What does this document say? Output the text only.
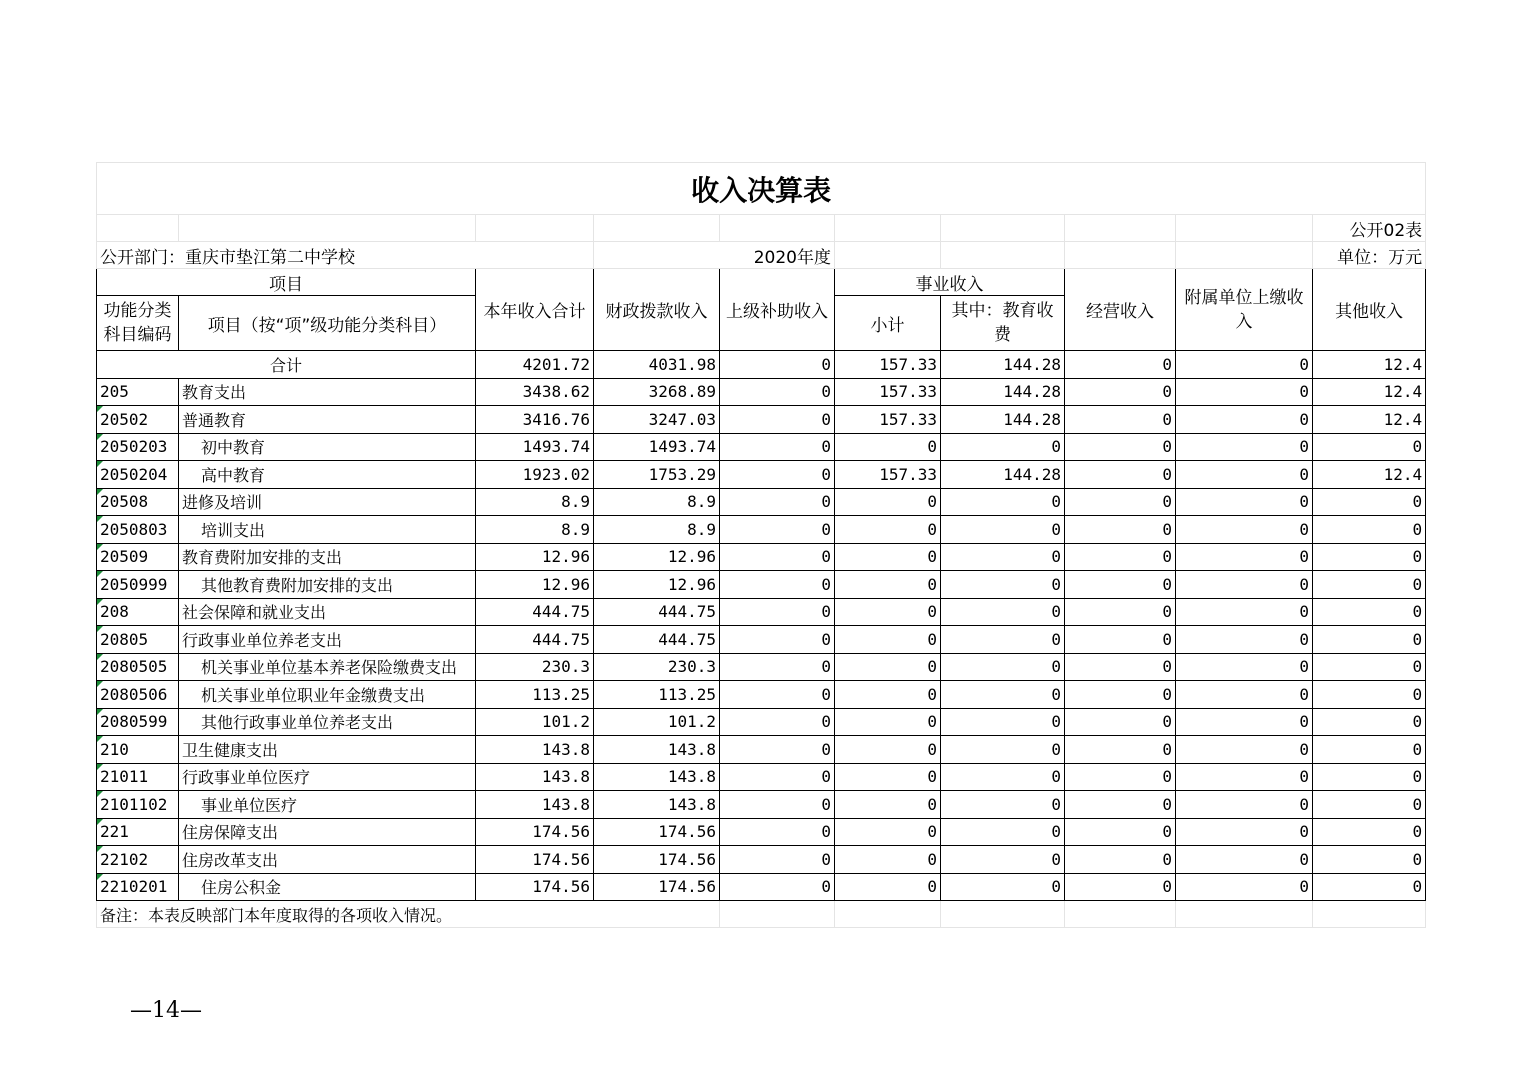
收入决算表									
									公开02表
公开部门：重庆市垫江第二中学校			2020年度						单位：万元
项目		本年收入合计	财政拨款收入	上级补助收入	事业收入		经营收入	附属单位上缴收入	其他收入
功能分类科目编码	项目（按“项”级功能分类科目）								
					小计	其中：教育收费			
合计		4201.72	4031.98	0	157.33	144.28	0	0	12.4
205	教育支出	3438.62	3268.89	0	157.33	144.28	0	0	12.4

20502	普通教育	3416.76	3247.03	0	157.33	144.28	0	0	12.4

2050203	初中教育	1493.74	1493.74	0	0	0	0	0	0

2050204	高中教育	1923.02	1753.29	0	157.33	144.28	0	0	12.4

20508	进修及培训	8.9	8.9	0	0	0	0	0	0

2050803	培训支出	8.9	8.9	0	0	0	0	0	0

20509	教育费附加安排的支出	12.96	12.96	0	0	0	0	0	0

2050999	其他教育费附加安排的支出	12.96	12.96	0	0	0	0	0	0

208	社会保障和就业支出	444.75	444.75	0	0	0	0	0	0

20805	行政事业单位养老支出	444.75	444.75	0	0	0	0	0	0

2080505	机关事业单位基本养老保险缴费支出	230.3	230.3	0	0	0	0	0	0

2080506	机关事业单位职业年金缴费支出	113.25	113.25	0	0	0	0	0	0

2080599	其他行政事业单位养老支出	101.2	101.2	0	0	0	0	0	0

210	卫生健康支出	143.8	143.8	0	0	0	0	0	0

21011	行政事业单位医疗	143.8	143.8	0	0	0	0	0	0

2101102	事业单位医疗	143.8	143.8	0	0	0	0	0	0

221	住房保障支出	174.56	174.56	0	0	0	0	0	0

22102	住房改革支出	174.56	174.56	0	0	0	0	0	0

2210201	住房公积金	174.56	174.56	0	0	0	0	0	0
备注：本表反映部门本年度取得的各项收入情况。									
—14—
